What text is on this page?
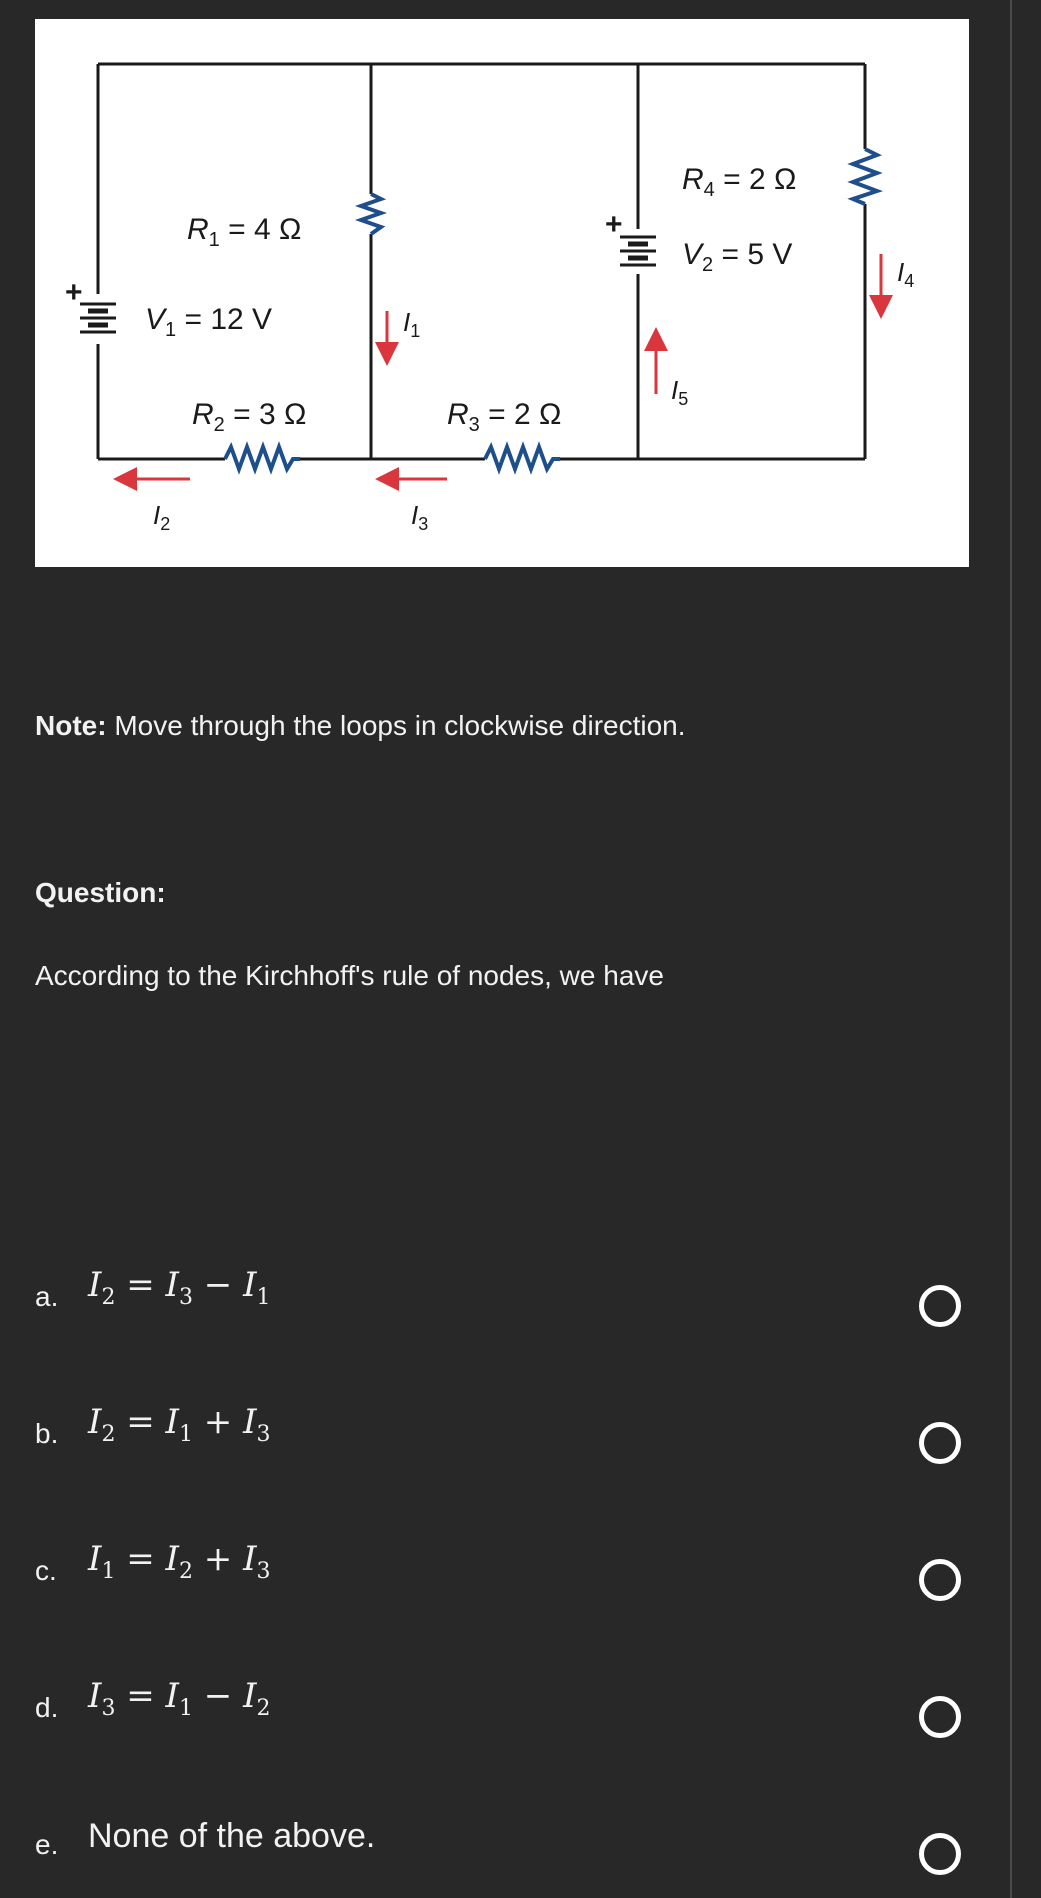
$R_1 = 4$ Ω
$V_1 = 12$ V
$R_2 = 3$ Ω	$R_3 = 2$ Ω
$R_4 = 2$ Ω
$V_2 = 5$ V
$I_1$
$I_2$	$I_3$
$I_4$
$I_5$
+
+
Note: Move through the loops in clockwise direction.
Question:
According to the Kirchhoff's rule of nodes, we have
a. $I_2 = I_3 - I_1$
b. $I_2 = I_1 + I_3$
c. $I_1 = I_2 + I_3$
d. $I_3 = I_1 - I_2$
e. None of the above.
